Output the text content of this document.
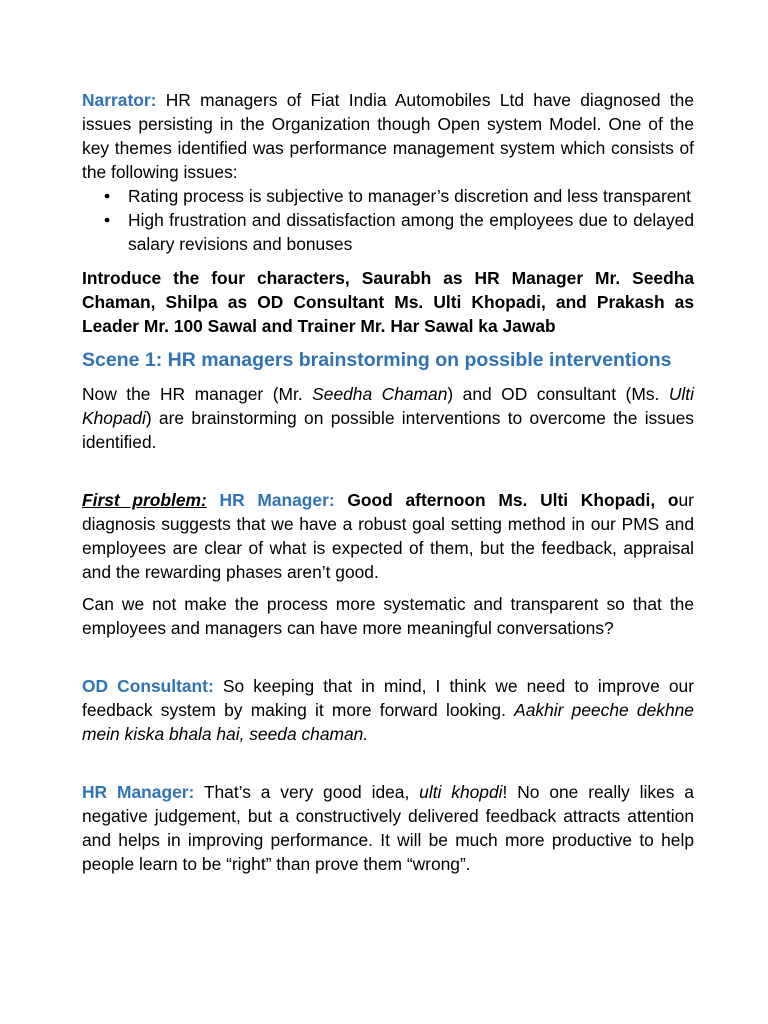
Narrator: HR managers of Fiat India Automobiles Ltd have diagnosed the issues persisting in the Organization though Open system Model. One of the key themes identified was performance management system which consists of the following issues:

• Rating process is subjective to manager’s discretion and less transparent
• High frustration and dissatisfaction among the employees due to delayed salary revisions and bonuses

Introduce the four characters, Saurabh as HR Manager Mr. Seedha Chaman, Shilpa as OD Consultant Ms. Ulti Khopadi, and Prakash as Leader Mr. 100 Sawal and Trainer Mr. Har Sawal ka Jawab

Scene 1: HR managers brainstorming on possible interventions

Now the HR manager (Mr. Seedha Chaman) and OD consultant (Ms. Ulti Khopadi) are brainstorming on possible interventions to overcome the issues identified.

First problem: HR Manager: Good afternoon Ms. Ulti Khopadi, our diagnosis suggests that we have a robust goal setting method in our PMS and employees are clear of what is expected of them, but the feedback, appraisal and the rewarding phases aren’t good.

Can we not make the process more systematic and transparent so that the employees and managers can have more meaningful conversations?

OD Consultant: So keeping that in mind, I think we need to improve our feedback system by making it more forward looking. Aakhir peeche dekhne mein kiska bhala hai, seeda chaman.

HR Manager: That’s a very good idea, ulti khopdi! No one really likes a negative judgement, but a constructively delivered feedback attracts attention and helps in improving performance. It will be much more productive to help people learn to be “right” than prove them “wrong”.
